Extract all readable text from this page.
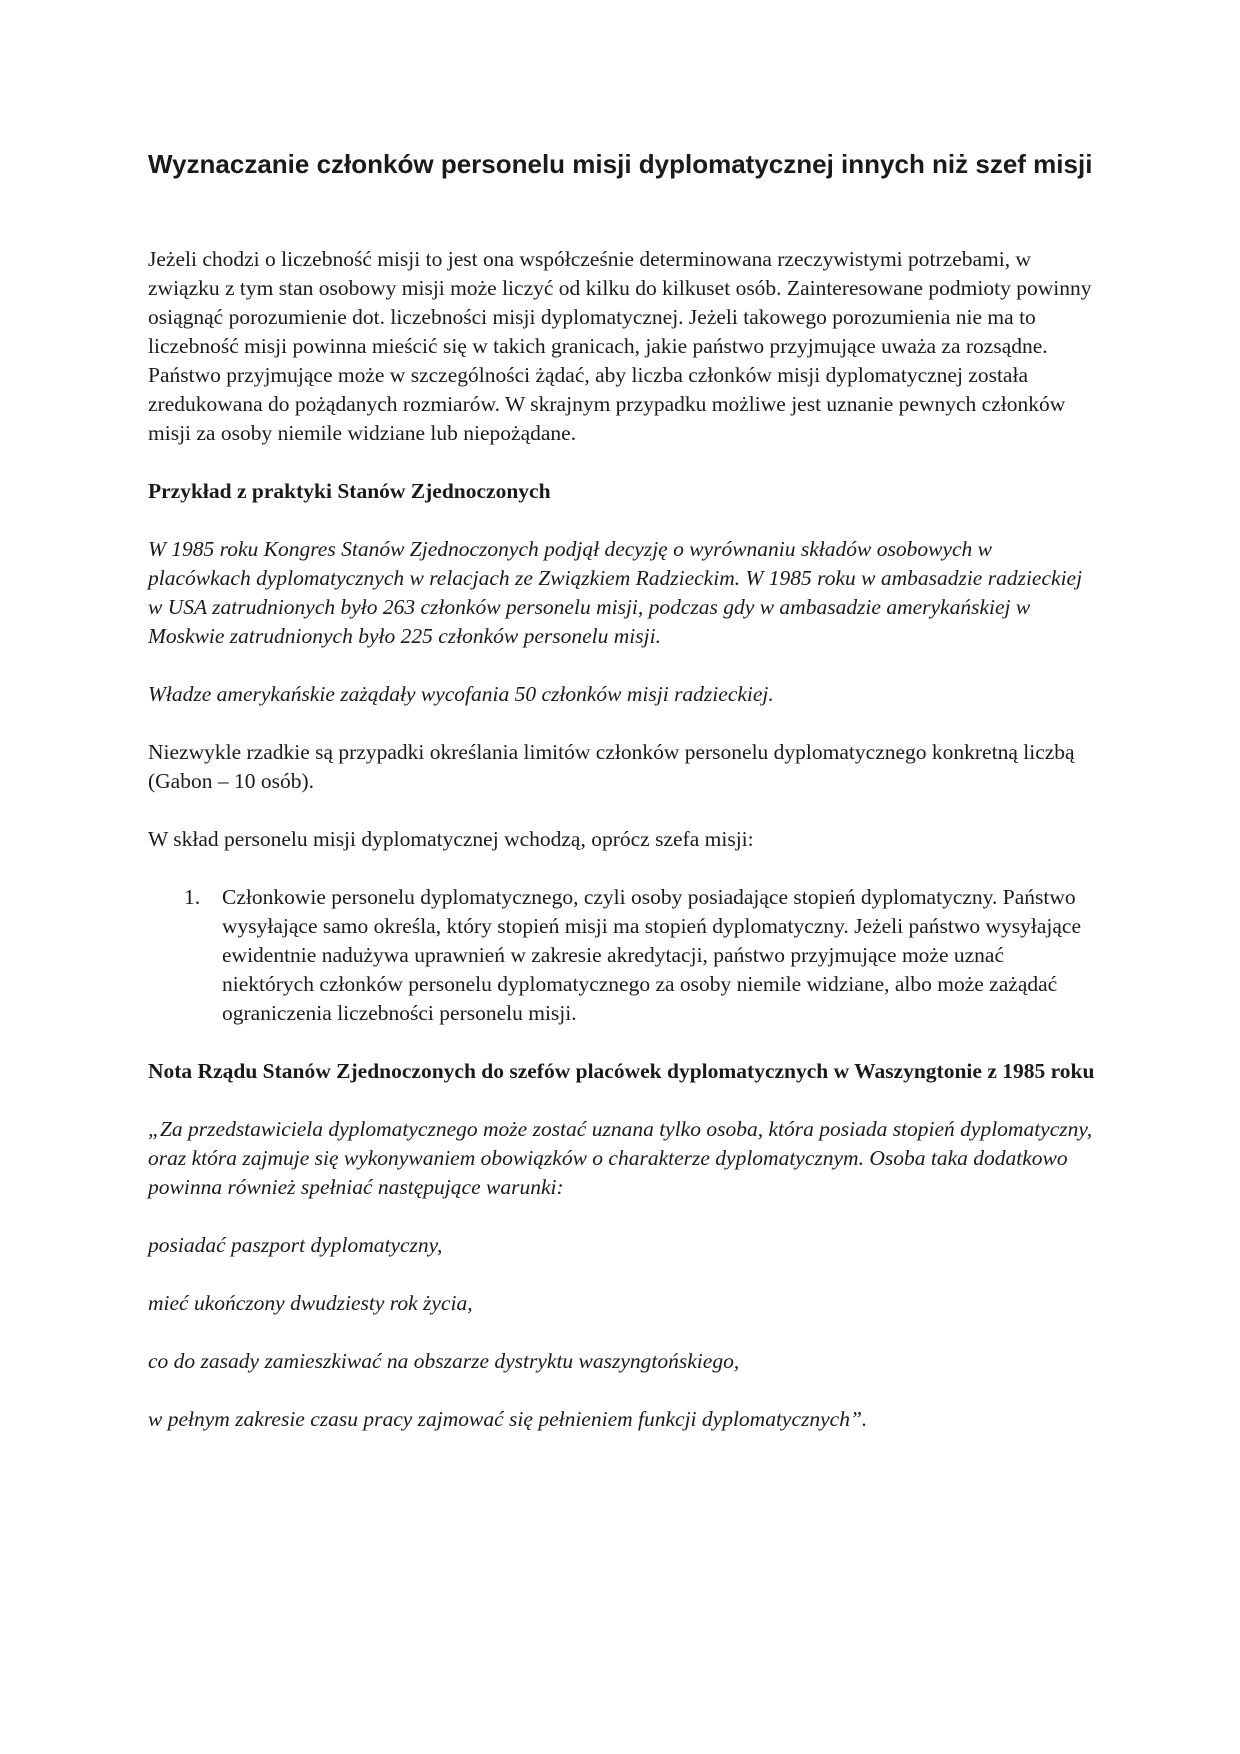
Wyznaczanie członków personelu misji dyplomatycznej innych niż szef misji

Jeżeli chodzi o liczebność misji to jest ona współcześnie determinowana rzeczywistymi potrzebami, w związku z tym stan osobowy misji może liczyć od kilku do kilkuset osób. Zainteresowane podmioty powinny osiągnąć porozumienie dot. liczebności misji dyplomatycznej. Jeżeli takowego porozumienia nie ma to liczebność misji powinna mieścić się w takich granicach, jakie państwo przyjmujące uważa za rozsądne. Państwo przyjmujące może w szczególności żądać, aby liczba członków misji dyplomatycznej została zredukowana do pożądanych rozmiarów. W skrajnym przypadku możliwe jest uznanie pewnych członków misji za osoby niemile widziane lub niepożądane.

Przykład z praktyki Stanów Zjednoczonych

W 1985 roku Kongres Stanów Zjednoczonych podjął decyzję o wyrównaniu składów osobowych w placówkach dyplomatycznych w relacjach ze Związkiem Radzieckim. W 1985 roku w ambasadzie radzieckiej w USA zatrudnionych było 263 członków personelu misji, podczas gdy w ambasadzie amerykańskiej w Moskwie zatrudnionych było 225 członków personelu misji.

Władze amerykańskie zażądały wycofania 50 członków misji radzieckiej.

Niezwykle rzadkie są przypadki określania limitów członków personelu dyplomatycznego konkretną liczbą (Gabon – 10 osób).

W skład personelu misji dyplomatycznej wchodzą, oprócz szefa misji:

1. Członkowie personelu dyplomatycznego, czyli osoby posiadające stopień dyplomatyczny. Państwo wysyłające samo określa, który stopień misji ma stopień dyplomatyczny. Jeżeli państwo wysyłające ewidentnie nadużywa uprawnień w zakresie akredytacji, państwo przyjmujące może uznać niektórych członków personelu dyplomatycznego za osoby niemile widziane, albo może zażądać ograniczenia liczebności personelu misji.

Nota Rządu Stanów Zjednoczonych do szefów placówek dyplomatycznych w Waszyngtonie z 1985 roku

„Za przedstawiciela dyplomatycznego może zostać uznana tylko osoba, która posiada stopień dyplomatyczny, oraz która zajmuje się wykonywaniem obowiązków o charakterze dyplomatycznym. Osoba taka dodatkowo powinna również spełniać następujące warunki:

posiadać paszport dyplomatyczny,

mieć ukończony dwudziesty rok życia,

co do zasady zamieszkiwać na obszarze dystryktu waszyngtońskiego,

w pełnym zakresie czasu pracy zajmować się pełnieniem funkcji dyplomatycznych”.
